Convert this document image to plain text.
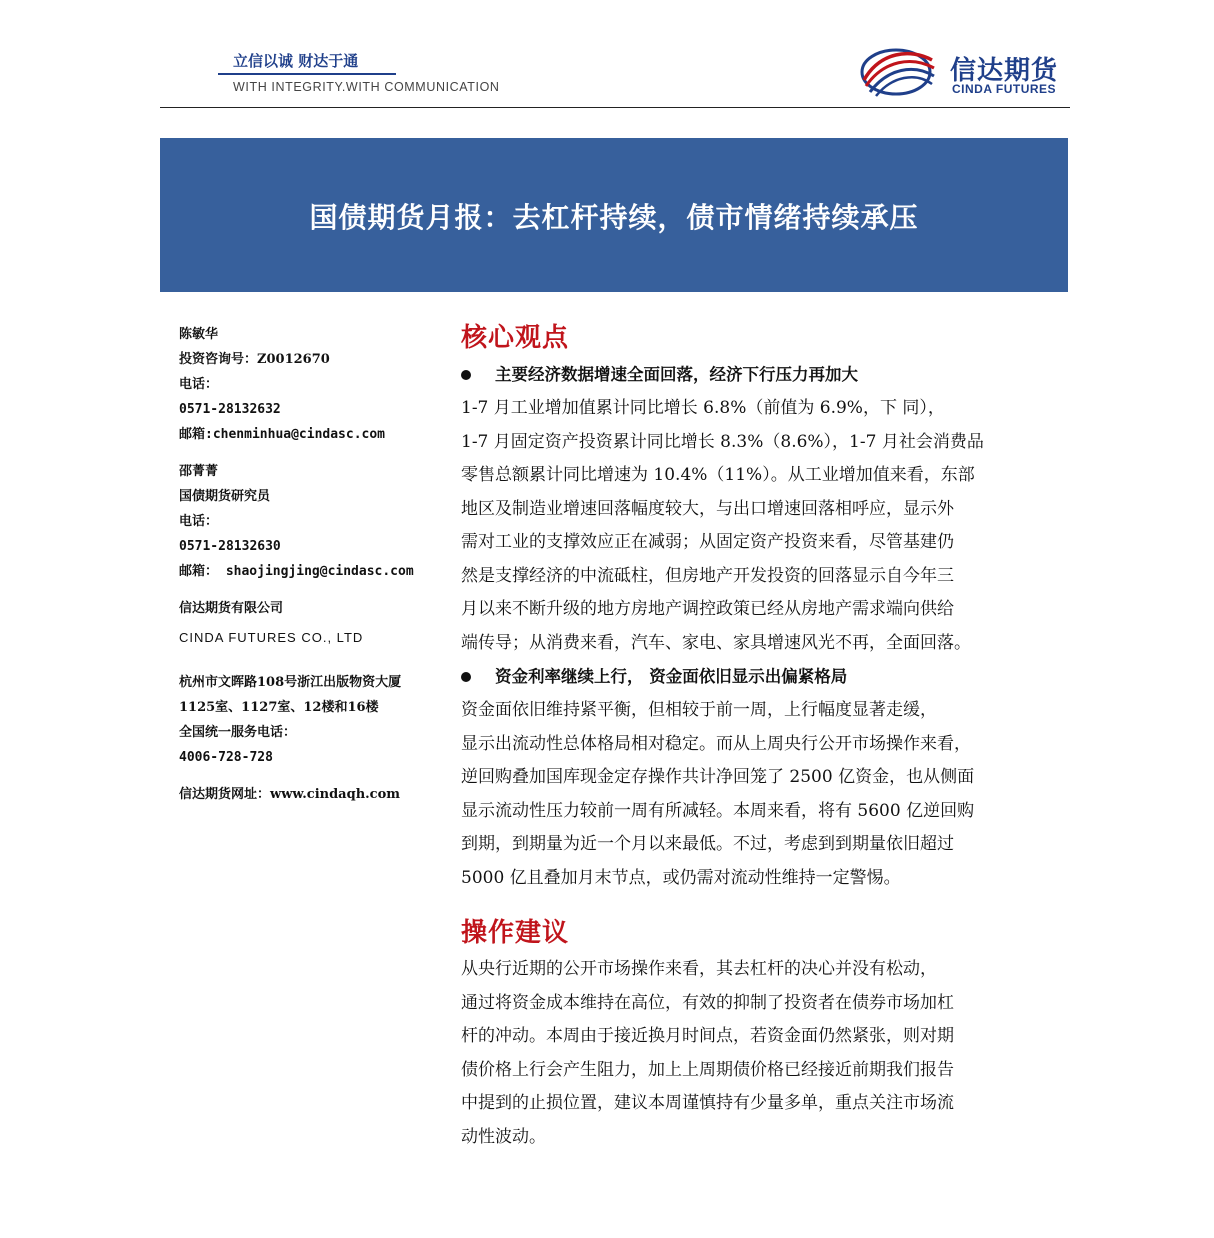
立信以诚 财达于通
WITH INTEGRITY.WITH COMMUNICATION
信达期货
CINDA FUTURES
国债期货月报：去杠杆持续，债市情绪持续承压
陈敏华
投资咨询号：Z0012670
电话：
0571-28132632
邮箱:chenminhua@cindasc.com
邵菁菁
国债期货研究员
电话：
0571-28132630
邮箱： shaojingjing@cindasc.com
信达期货有限公司
CINDA FUTURES CO., LTD
杭州市文晖路108号浙江出版物资大厦
1125室、1127室、12楼和16楼
全国统一服务电话：
4006-728-728
信达期货网址：www.cindaqh.com
核心观点
主要经济数据增速全面回落，经济下行压力再加大
1-7 月工业增加值累计同比增长 6.8%（前值为 6.9%，下 同），
1-7 月固定资产投资累计同比增长 8.3%（8.6%），1-7 月社会消费品
零售总额累计同比增速为 10.4%（11%）。从工业增加值来看，东部
地区及制造业增速回落幅度较大，与出口增速回落相呼应，显示外
需对工业的支撑效应正在减弱；从固定资产投资来看，尽管基建仍
然是支撑经济的中流砥柱，但房地产开发投资的回落显示自今年三
月以来不断升级的地方房地产调控政策已经从房地产需求端向供给
端传导；从消费来看，汽车、家电、家具增速风光不再，全面回落。
资金利率继续上行， 资金面依旧显示出偏紧格局
资金面依旧维持紧平衡，但相较于前一周，上行幅度显著走缓，
显示出流动性总体格局相对稳定。而从上周央行公开市场操作来看，
逆回购叠加国库现金定存操作共计净回笼了 2500 亿资金，也从侧面
显示流动性压力较前一周有所减轻。本周来看，将有 5600 亿逆回购
到期，到期量为近一个月以来最低。不过，考虑到到期量依旧超过
5000 亿且叠加月末节点，或仍需对流动性维持一定警惕。
操作建议
从央行近期的公开市场操作来看，其去杠杆的决心并没有松动，
通过将资金成本维持在高位，有效的抑制了投资者在债券市场加杠
杆的冲动。本周由于接近换月时间点，若资金面仍然紧张，则对期
债价格上行会产生阻力，加上上周期债价格已经接近前期我们报告
中提到的止损位置，建议本周谨慎持有少量多单，重点关注市场流
动性波动。
